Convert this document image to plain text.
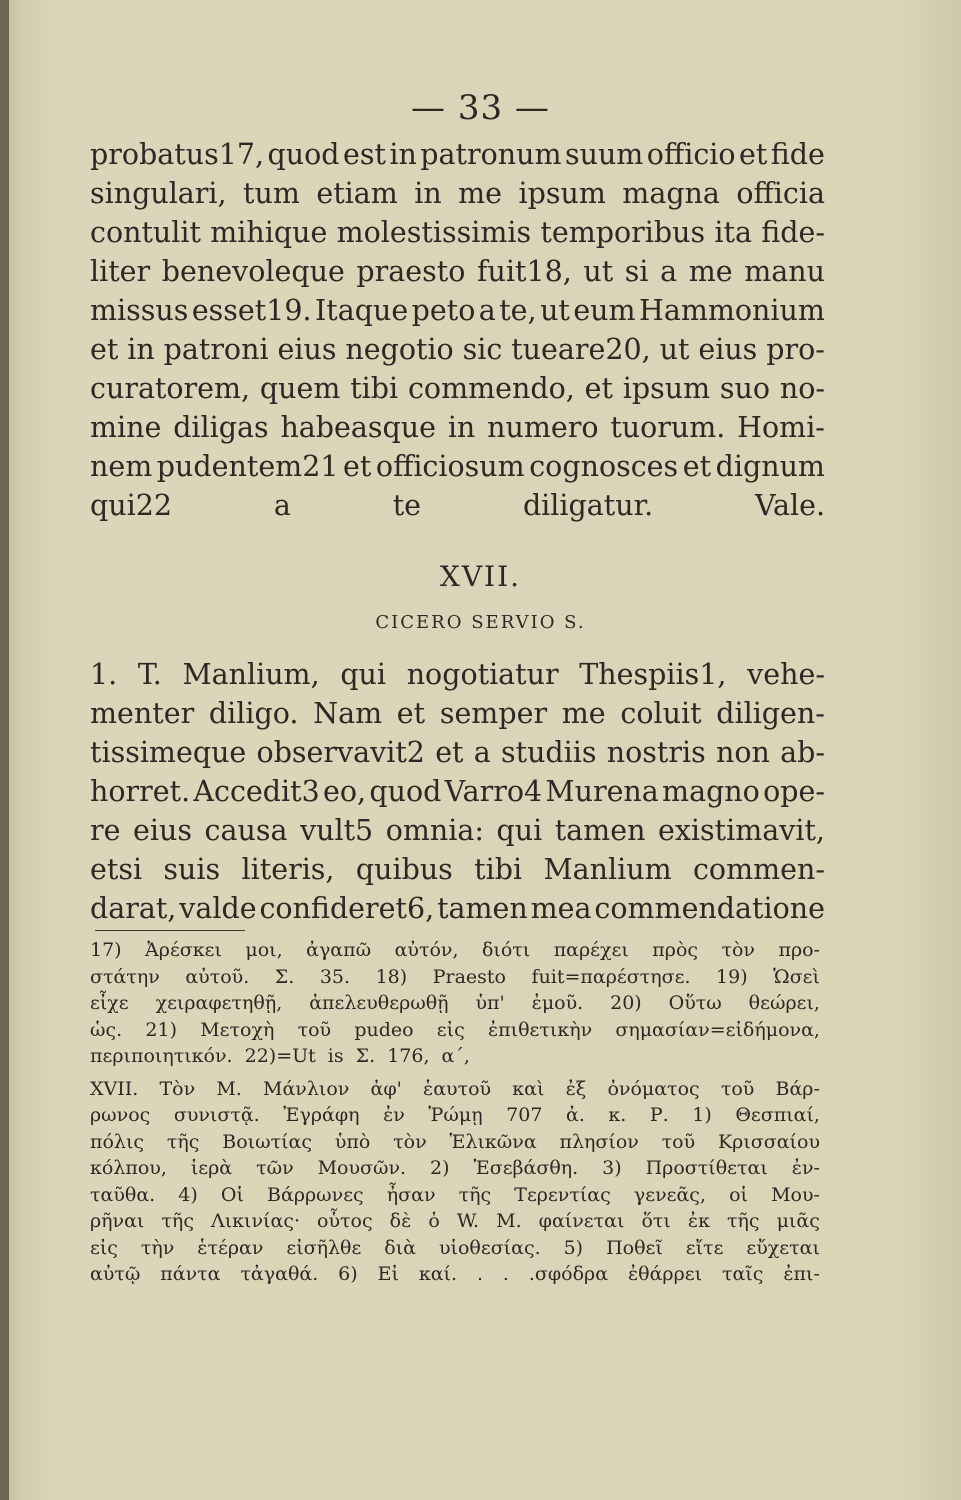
— 33 —
probatus17, quod est in patronum suum officio et fide
singulari, tum etiam in me ipsum magna officia
contulit mihique molestissimis temporibus ita fide-
liter benevoleque praesto fuit18, ut si a me manu
missus esset19. Itaque peto a te, ut eum Hammonium
et in patroni eius negotio sic tueare20, ut eius pro-
curatorem, quem tibi commendo, et ipsum suo no-
mine diligas habeasque in numero tuorum. Homi-
nem pudentem21 et officiosum cognosces et dignum
qui22	a	te	diligatur.	Vale.
XVII.
CICERO SERVIO S.
1. T. Manlium, qui nogotiatur Thespiis1, vehe-
menter diligo. Nam et semper me coluit diligen-
tissimeque observavit2 et a studiis nostris non ab-
horret. Accedit3 eo, quod Varro4 Murena magno ope-
re eius causa vult5 omnia: qui tamen existimavit,
etsi suis literis, quibus tibi Manlium commen-
darat, valde confideret6, tamen mea commendatione
17) Ἀρέσκει μοι, ἀγαπῶ αὐτόν, διότι παρέχει πρὸς τὸν προ-
στάτην αὐτοῦ. Σ. 35. 18) Praesto fuit=παρέστησε. 19) Ὡσεὶ
εἶχε χειραφετηθῇ, ἀπελευθερωθῇ ὑπ' ἐμοῦ. 20) Οὕτω θεώρει,
ὡς. 21) Μετοχὴ τοῦ pudeo εἰς ἐπιθετικὴν σημασίαν=εἰδήμονα,
περιποιητικόν. 22)=Ut is Σ. 176, α΄,
XVII. Τὸν Μ. Μάνλιον ἀφ' ἑαυτοῦ καὶ ἐξ ὀνόματος τοῦ Βάρ-
ρωνος συνιστᾷ. Ἐγράφη ἐν Ῥώμῃ 707 ἀ. κ. Ρ. 1) Θεσπιαί,
πόλις τῆς Βοιωτίας ὑπὸ τὸν Ἑλικῶνα πλησίον τοῦ Κρισσαίου
κόλπου, ἱερὰ τῶν Μουσῶν. 2) Ἐσεβάσθη. 3) Προστίθεται ἐν-
ταῦθα. 4) Οἱ Βάρρωνες ἦσαν τῆς Τερεντίας γενεᾶς, οἱ Μου-
ρῆναι τῆς Λικινίας· οὗτος δὲ ὁ W. M. φαίνεται ὅτι ἐκ τῆς μιᾶς
εἰς τὴν ἑτέραν εἰσῆλθε διὰ υἱοθεσίας. 5) Ποθεῖ εἴτε εὔχεται
αὐτῷ πάντα τἀγαθά. 6) Εἰ καί. . . .σφόδρα ἐθάρρει ταῖς ἐπι-
